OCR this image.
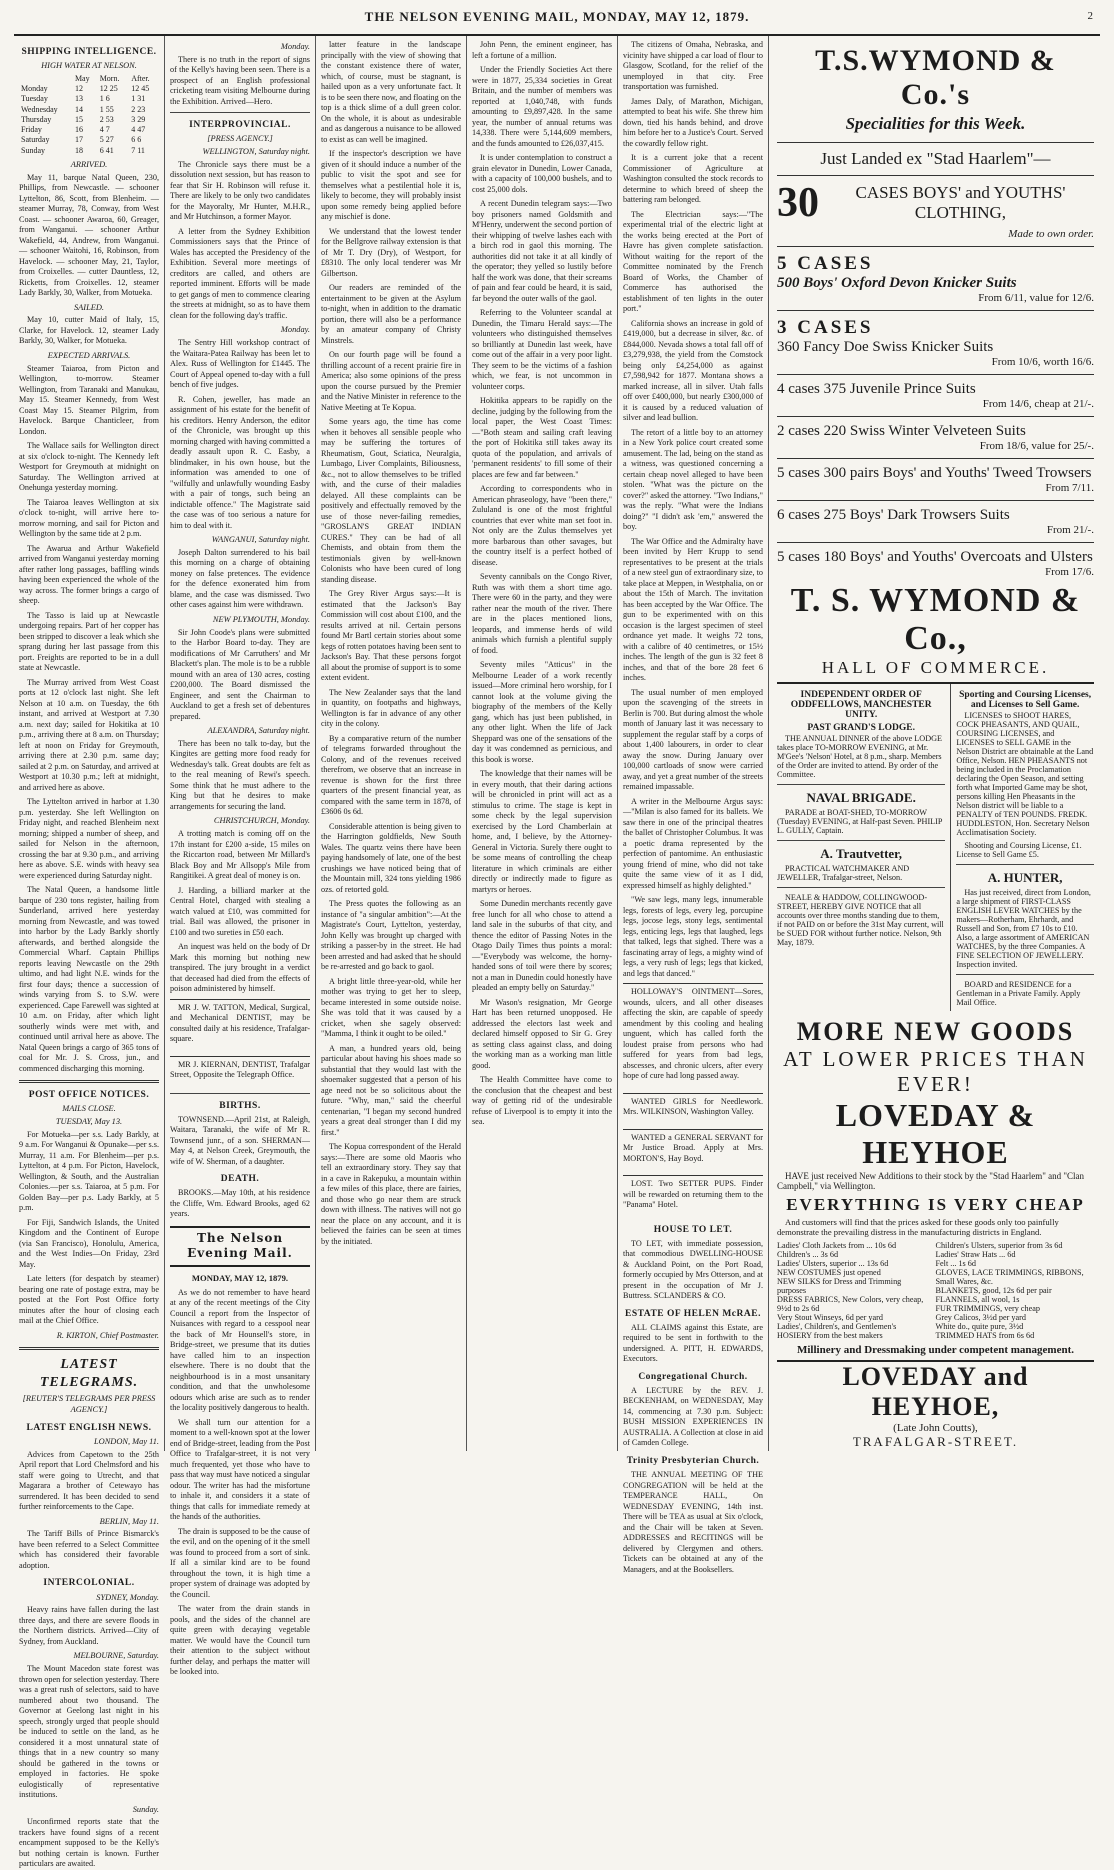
THE NELSON EVENING MAIL, MONDAY, MAY 12, 1879.	2
SHIPPING INTELLIGENCE.
HIGH WATER AT NELSON.
	May	Morn.	After.
Monday	12	12 25	12 45
Tuesday	13	1 6	1 31
Wednesday	14	1 55	2 23
Thursday	15	2 53	3 29
Friday	16	4 7	4 47
Saturday	17	5 27	6 6
Sunday	18	6 41	7 11
ARRIVED.

May 11, barque Natal Queen, 230, Phillips, from Newcastle. — schooner Lyttelton, 86, Scott, from Blenheim. — steamer Murray, 78, Conway, from West Coast. — schooner Awaroa, 60, Greager, from Wanganui. — schooner Arthur Wakefield, 44, Andrew, from Wanganui. — schooner Waitohi, 16, Robinson, from Havelock. — schooner May, 21, Taylor, from Croixelles. — cutter Dauntless, 12, Ricketts, from Croixelles. 12, steamer Lady Barkly, 30, Walker, from Motueka.

SAILED.

May 10, cutter Maid of Italy, 15, Clarke, for Havelock. 12, steamer Lady Barkly, 30, Walker, for Motueka.

EXPECTED ARRIVALS.

Steamer Taiaroa, from Picton and Wellington, to-morrow. Steamer Wellington, from Taranaki and Manukau, May 15. Steamer Kennedy, from West Coast May 15. Steamer Pilgrim, from Havelock. Barque Chanticleer, from London.

The Wallace sails for Wellington direct at six o'clock to-night. The Kennedy left Westport for Greymouth at midnight on Saturday. The Wellington arrived at Onehunga yesterday morning.

The Taiaroa leaves Wellington at six o'clock to-night, will arrive here to-morrow morning, and sail for Picton and Wellington by the same tide at 2 p.m.

The Awarua and Arthur Wakefield arrived from Wanganui yesterday morning after rather long passages, baffling winds having been experienced the whole of the way across. The former brings a cargo of sheep.

The Tasso is laid up at Newcastle undergoing repairs. Part of her copper has been stripped to discover a leak which she sprang during her last passage from this port. Freights are reported to be in a dull state at Newcastle.

The Murray arrived from West Coast ports at 12 o'clock last night. She left Nelson at 10 a.m. on Tuesday, the 6th instant, and arrived at Westport at 7.30 a.m. next day; sailed for Hokitika at 10 p.m., arriving there at 8 a.m. on Thursday; left at noon on Friday for Greymouth, arriving there at 2.30 p.m. same day; sailed at 2 p.m. on Saturday, and arrived at Westport at 10.30 p.m.; left at midnight, and arrived here as above.

The Lyttelton arrived in harbor at 1.30 p.m. yesterday. She left Wellington on Friday night, and reached Blenheim next morning; shipped a number of sheep, and sailed for Nelson in the afternoon, crossing the bar at 9.30 p.m., and arriving here as above. S.E. winds with heavy sea were experienced during Saturday night.

The Natal Queen, a handsome little barque of 230 tons register, hailing from Sunderland, arrived here yesterday morning from Newcastle, and was towed into harbor by the Lady Barkly shortly afterwards, and berthed alongside the Commercial Wharf. Captain Phillips reports leaving Newcastle on the 29th ultimo, and had light N.E. winds for the first four days; thence a succession of winds varying from S. to S.W. were experienced. Cape Farewell was sighted at 10 a.m. on Friday, after which light southerly winds were met with, and continued until arrival here as above. The Natal Queen brings a cargo of 365 tons of coal for Mr. J. S. Cross, jun., and commenced discharging this morning.

POST OFFICE NOTICES.
MAILS CLOSE.
TUESDAY, May 13.

For Motueka—per s.s. Lady Barkly, at 9 a.m. For Wanganui & Opunake—per s.s. Murray, 11 a.m. For Blenheim—per p.s. Lyttelton, at 4 p.m. For Picton, Havelock, Wellington, & South, and the Australian Colonies.—per s.s. Taiaroa, at 5 p.m. For Golden Bay—per p.s. Lady Barkly, at 5 p.m.

For Fiji, Sandwich Islands, the United Kingdom and the Continent of Europe (via San Francisco), Honolulu, America, and the West Indies—On Friday, 23rd May.

Late letters (for despatch by steamer) bearing one rate of postage extra, may be posted at the Fort Post Office forty minutes after the hour of closing each mail at the Chief Office.

R. KIRTON, Chief Postmaster.
LATEST TELEGRAMS.
[REUTER'S TELEGRAMS PER PRESS AGENCY.]
LATEST ENGLISH NEWS.
LONDON, May 11.

Advices from Capetown to the 25th April report that Lord Chelmsford and his staff were going to Utrecht, and that Magarara a brother of Cetewayo has surrendered. It has been decided to send further reinforcements to the Cape.

BERLIN, May 11.

The Tariff Bills of Prince Bismarck's have been referred to a Select Committee which has considered their favorable adoption.

INTERCOLONIAL.
SYDNEY, Monday.

Heavy rains have fallen during the last three days, and there are severe floods in the Northern districts. Arrived—City of Sydney, from Auckland.

MELBOURNE, Saturday.

The Mount Macedon state forest was thrown open for selection yesterday. There was a great rush of selectors, said to have numbered about two thousand. The Governor at Geelong last night in his speech, strongly urged that people should be induced to settle on the land, as he considered it a most unnatural state of things that in a new country so many should be gathered in the towns or employed in factories. He spoke eulogistically of representative institutions.

Sunday.

Unconfirmed reports state that the trackers have found signs of a recent encampment supposed to be the Kelly's but nothing certain is known. Further particulars are awaited.

Monday.

There is no truth in the report of signs of the Kelly's having been seen. There is a prospect of an English professional cricketing team visiting Melbourne during the Exhibition. Arrived—Hero.

INTERPROVINCIAL.
[PRESS AGENCY.]
WELLINGTON, Saturday night.

The Chronicle says there must be a dissolution next session, but has reason to fear that Sir H. Robinson will refuse it. There are likely to be only two candidates for the Mayoralty, Mr Hunter, M.H.R., and Mr Hutchinson, a former Mayor.

A letter from the Sydney Exhibition Commissioners says that the Prince of Wales has accepted the Presidency of the Exhibition. Several more meetings of creditors are called, and others are reported imminent. Efforts will be made to get gangs of men to commence clearing the streets at midnight, so as to have them clean for the following day's traffic.

Monday.

The Sentry Hill workshop contract of the Waitara-Patea Railway has been let to Alex. Russ of Wellington for £1445. The Court of Appeal opened to-day with a full bench of five judges.

R. Cohen, jeweller, has made an assignment of his estate for the benefit of his creditors. Henry Anderson, the editor of the Chronicle, was brought up this morning charged with having committed a deadly assault upon R. C. Easby, a blindmaker, in his own house, but the information was amended to one of "wilfully and unlawfully wounding Easby with a pair of tongs, such being an indictable offence." The Magistrate said the case was of too serious a nature for him to deal with it.

WANGANUI, Saturday night.

Joseph Dalton surrendered to his bail this morning on a charge of obtaining money on false pretences. The evidence for the defence exonerated him from blame, and the case was dismissed. Two other cases against him were withdrawn.

NEW PLYMOUTH, Monday.

Sir John Coode's plans were submitted to the Harbor Board to-day. They are modifications of Mr Carruthers' and Mr Blackett's plan. The mole is to be a rubble mound with an area of 130 acres, costing £200,000. The Board dismissed the Engineer, and sent the Chairman to Auckland to get a fresh set of debentures prepared.

ALEXANDRA, Saturday night.

There has been no talk to-day, but the Kingites are getting more food ready for Wednesday's talk. Great doubts are felt as to the real meaning of Rewi's speech. Some think that he must adhere to the King but that he desires to make arrangements for securing the land.

CHRISTCHURCH, Monday.

A trotting match is coming off on the 17th instant for £200 a-side, 15 miles on the Riccarton road, between Mr Millard's Black Boy and Mr Allsopp's Mile from Rangitikei. A great deal of money is on.

J. Harding, a billiard marker at the Central Hotel, charged with stealing a watch valued at £10, was committed for trial. Bail was allowed, the prisoner in £100 and two sureties in £50 each.

An inquest was held on the body of Dr Mark this morning but nothing new transpired. The jury brought in a verdict that deceased had died from the effects of poison administered by himself.

MR J. W. TATTON, Medical, Surgical, and Mechanical DENTIST, may be consulted daily at his residence, Trafalgar-square.

MR J. KIERNAN, DENTIST, Trafalgar Street, Opposite the Telegraph Office.

BIRTHS.

TOWNSEND.—April 21st, at Raleigh, Waitara, Taranaki, the wife of Mr R. Townsend junr., of a son. SHERMAN—May 4, at Nelson Creek, Greymouth, the wife of W. Sherman, of a daughter.

DEATH.

BROOKS.—May 10th, at his residence the Cliffe, Wm. Edward Brooks, aged 62 years.

The Nelson Evening Mail.
MONDAY, MAY 12, 1879.

As we do not remember to have heard at any of the recent meetings of the City Council a report from the Inspector of Nuisances with regard to a cesspool near the back of Mr Hounsell's store, in Bridge-street, we presume that its duties have called him to an inspection elsewhere. There is no doubt that the neighbourhood is in a most unsanitary condition, and that the unwholesome odours which arise are such as to render the locality positively dangerous to health.

We shall turn our attention for a moment to a well-known spot at the lower end of Bridge-street, leading from the Post Office to Trafalgar-street, it is not very much frequented, yet those who have to pass that way must have noticed a singular odour. The writer has had the misfortune to inhale it, and considers it a state of things that calls for immediate remedy at the hands of the authorities.

The drain is supposed to be the cause of the evil, and on the opening of it the smell was found to proceed from a sort of sink. If all a similar kind are to be found throughout the town, it is high time a proper system of drainage was adopted by the Council.

The water from the drain stands in pools, and the sides of the channel are quite green with decaying vegetable matter. We would have the Council turn their attention to the subject without further delay, and perhaps the matter will be looked into.

latter feature in the landscape principally with the view of showing that the constant existence there of water, which, of course, must be stagnant, is hailed upon as a very unfortunate fact. It is to be seen there now, and floating on the top is a thick slime of a dull green color. On the whole, it is about as undesirable and as dangerous a nuisance to be allowed to exist as can well be imagined.

If the inspector's description we have given of it should induce a number of the public to visit the spot and see for themselves what a pestilential hole it is, likely to become, they will probably insist upon some remedy being applied before any mischief is done.

We understand that the lowest tender for the Bellgrove railway extension is that of Mr T. Dry (Dry), of Westport, for £8310. The only local tenderer was Mr Gilbertson.

Our readers are reminded of the entertainment to be given at the Asylum to-night, when in addition to the dramatic portion, there will also be a performance by an amateur company of Christy Minstrels.

On our fourth page will be found a thrilling account of a recent prairie fire in America; also some opinions of the press upon the course pursued by the Premier and the Native Minister in reference to the Native Meeting at Te Kopua.

Some years ago, the time has come when it behoves all sensible people who may be suffering the tortures of Rheumatism, Gout, Sciatica, Neuralgia, Lumbago, Liver Complaints, Biliousness, &c., not to allow themselves to be trifled with, and the curse of their maladies delayed. All these complaints can be positively and effectually removed by the use of those never-failing remedies, "GROSLAN'S GREAT INDIAN CURES." They can be had of all Chemists, and obtain from them the testimonials given by well-known Colonists who have been cured of long standing disease.

The Grey River Argus says:—It is estimated that the Jackson's Bay Commission will cost about £100, and the results arrived at nil. Certain persons found Mr Bartl certain stories about some kegs of rotten potatoes having been sent to Jackson's Bay. That these persons forgot all about the promise of support is to some extent evident.

The New Zealander says that the land in quantity, on footpaths and highways, Wellington is far in advance of any other city in the colony.

By a comparative return of the number of telegrams forwarded throughout the Colony, and of the revenues received therefrom, we observe that an increase in revenue is shown for the first three quarters of the present financial year, as compared with the same term in 1878, of £3606 0s 6d.

Considerable attention is being given to the Harrington goldfields, New South Wales. The quartz veins there have been paying handsomely of late, one of the best crushings we have noticed being that of the Mountain mill, 324 tons yielding 1986 ozs. of retorted gold.

The Press quotes the following as an instance of "a singular ambition":—At the Magistrate's Court, Lyttelton, yesterday, John Kelly was brought up charged with striking a passer-by in the street. He had been arrested and had asked that he should be re-arrested and go back to gaol.

A bright little three-year-old, while her mother was trying to get her to sleep, became interested in some outside noise. She was told that it was caused by a cricket, when she sagely observed: "Mamma, I think it ought to be oiled."

A man, a hundred years old, being particular about having his shoes made so substantial that they would last with the shoemaker suggested that a person of his age need not be so solicitous about the future. "Why, man," said the cheerful centenarian, "I began my second hundred years a great deal stronger than I did my first."

The Kopua correspondent of the Herald says:—There are some old Maoris who tell an extraordinary story. They say that in a cave in Rakepuku, a mountain within a few miles of this place, there are fairies, and those who go near them are struck down with illness. The natives will not go near the place on any account, and it is believed the fairies can be seen at times by the initiated.

John Penn, the eminent engineer, has left a fortune of a million.

Under the Friendly Societies Act there were in 1877, 25,334 societies in Great Britain, and the number of members was reported at 1,040,748, with funds amounting to £9,897,428. In the same year, the number of annual returns was 14,338. There were 5,144,609 members, and the funds amounted to £26,037,415.

It is under contemplation to construct a grain elevator in Dunedin, Lower Canada, with a capacity of 100,000 bushels, and to cost 25,000 dols.

A recent Dunedin telegram says:—Two boy prisoners named Goldsmith and M'Henry, underwent the second portion of their whipping of twelve lashes each with a birch rod in gaol this morning. The authorities did not take it at all kindly of the operator; they yelled so lustily before half the work was done, that their screams of pain and fear could be heard, it is said, far beyond the outer walls of the gaol.

Referring to the Volunteer scandal at Dunedin, the Timaru Herald says:—The volunteers who distinguished themselves so brilliantly at Dunedin last week, have come out of the affair in a very poor light. They seem to be the victims of a fashion which, we fear, is not uncommon in volunteer corps.

Hokitika appears to be rapidly on the decline, judging by the following from the local paper, the West Coast Times:—"Both steam and sailing craft leaving the port of Hokitika still takes away its quota of the population, and arrivals of 'permanent residents' to fill some of their places are few and far between."

According to correspondents who in American phraseology, have "been there," Zululand is one of the most frightful countries that ever white man set foot in. Not only are the Zulus themselves yet more barbarous than other savages, but the country itself is a perfect hotbed of disease.

Seventy cannibals on the Congo River, Ruth was with them a short time ago. There were 60 in the party, and they were rather near the mouth of the river. There are in the places mentioned lions, leopards, and immense herds of wild animals which furnish a plentiful supply of food.

Seventy miles "Atticus" in the Melbourne Leader of a work recently issued—More criminal hero worship, for I cannot look at the volume giving the biography of the members of the Kelly gang, which has just been published, in any other light. When the life of Jack Sheppard was one of the sensations of the day it was condemned as pernicious, and this book is worse.

The knowledge that their names will be in every mouth, that their daring actions will be chronicled in print will act as a stimulus to crime. The stage is kept in some check by the legal supervision exercised by the Lord Chamberlain at home, and, I believe, by the Attorney-General in Victoria. Surely there ought to be some means of controlling the cheap literature in which criminals are either directly or indirectly made to figure as martyrs or heroes.

Some Dunedin merchants recently gave free lunch for all who chose to attend a land sale in the suburbs of that city, and thence the editor of Passing Notes in the Otago Daily Times thus points a moral:—"Everybody was welcome, the horny-handed sons of toil were there by scores; not a man in Dunedin could honestly have pleaded an empty belly on Saturday."

Mr Wason's resignation, Mr George Hart has been returned unopposed. He addressed the electors last week and declared himself opposed to Sir G. Grey as setting class against class, and doing the working man as a working man little good.

The Health Committee have come to the conclusion that the cheapest and best way of getting rid of the undesirable refuse of Liverpool is to empty it into the sea.

The citizens of Omaha, Nebraska, and vicinity have shipped a car load of flour to Glasgow, Scotland, for the relief of the unemployed in that city. Free transportation was furnished.

James Daly, of Marathon, Michigan, attempted to beat his wife. She threw him down, tied his hands behind, and drove him before her to a Justice's Court. Served the cowardly fellow right.

It is a current joke that a recent Commissioner of Agriculture at Washington consulted the stock records to determine to which breed of sheep the battering ram belonged.

The Electrician says:—"The experimental trial of the electric light at the works being erected at the Port of Havre has given complete satisfaction. Without waiting for the report of the Committee nominated by the French Board of Works, the Chamber of Commerce has authorised the establishment of ten lights in the outer port."

California shows an increase in gold of £419,000, but a decrease in silver, &c. of £844,000. Nevada shows a total fall off of £3,279,938, the yield from the Comstock being only £4,254,000 as against £7,598,942 for 1877. Montana shows a marked increase, all in silver. Utah falls off over £400,000, but nearly £300,000 of it is caused by a reduced valuation of silver and lead bullion.

The retort of a little boy to an attorney in a New York police court created some amusement. The lad, being on the stand as a witness, was questioned concerning a certain cheap novel alleged to have been stolen. "What was the picture on the cover?" asked the attorney. "Two Indians," was the reply. "What were the Indians doing?" "I didn't ask 'em," answered the boy.

The War Office and the Admiralty have been invited by Herr Krupp to send representatives to be present at the trials of a new steel gun of extraordinary size, to take place at Meppen, in Westphalia, on or about the 15th of March. The invitation has been accepted by the War Office. The gun to be experimented with on this occasion is the largest specimen of steel ordnance yet made. It weighs 72 tons, with a calibre of 40 centimetres, or 15½ inches. The length of the gun is 32 feet 8 inches, and that of the bore 28 feet 6 inches.

The usual number of men employed upon the scavenging of the streets in Berlin is 700. But during almost the whole month of January last it was necessary to supplement the regular staff by a corps of about 1,400 labourers, in order to clear away the snow. During January over 100,000 cartloads of snow were carried away, and yet a great number of the streets remained impassable.

A writer in the Melbourne Argus says:—"Milan is also famed for its ballets. We saw there in one of the principal theatres the ballet of Christopher Columbus. It was a poetic drama represented by the perfection of pantomime. An enthusiastic young friend of mine, who did not take quite the same view of it as I did, expressed himself as highly delighted."

"We saw legs, many legs, innumerable legs, forests of legs, every leg, porcupine legs, jocose legs, stony legs, sentimental legs, enticing legs, legs that laughed, legs that talked, legs that sighed. There was a fascinating array of legs, a mighty wind of legs, a very rush of legs; legs that kicked, and legs that danced."

HOLLOWAY'S OINTMENT—Sores, wounds, ulcers, and all other diseases affecting the skin, are capable of speedy amendment by this cooling and healing unguent, which has called forth the loudest praise from persons who had suffered for years from bad legs, abscesses, and chronic ulcers, after every hope of cure had long passed away.

WANTED GIRLS for Needlework. Mrs. WILKINSON, Washington Valley.

WANTED a GENERAL SERVANT for Mr Justice Broad. Apply at Mrs. MORTON'S, Hay Boyd.

LOST. Two SETTER PUPS. Finder will be rewarded on returning them to the "Panama" Hotel.

HOUSE TO LET.

TO LET, with immediate possession, that commodious DWELLING-HOUSE & Auckland Point, on the Port Road, formerly occupied by Mrs Otterson, and at present in the occupation of Mr J. Buttress. SCLANDERS & CO.

ESTATE OF HELEN McRAE.

ALL CLAIMS against this Estate, are required to be sent in forthwith to the undersigned. A. PITT, H. EDWARDS, Executors.

Congregational Church.

A LECTURE by the REV. J. BECKENHAM, on WEDNESDAY, May 14, commencing at 7.30 p.m. Subject: BUSH MISSION EXPERIENCES IN AUSTRALIA. A Collection at close in aid of Camden College.

Trinity Presbyterian Church.

THE ANNUAL MEETING OF THE CONGREGATION will be held at the TEMPERANCE HALL, On WEDNESDAY EVENING, 14th inst. There will be TEA as usual at Six o'clock, and the Chair will be taken at Seven. ADDRESSES and RECITINGS will be delivered by Clergymen and others. Tickets can be obtained at any of the Managers, and at the Booksellers.

T.S.WYMOND & Co.'s
Specialities for this Week.
Just Landed ex "Stad Haarlem"—
30	CASES BOYS' and YOUTHS' CLOTHING,
Made to own order.
5 CASES
500 Boys' Oxford Devon Knicker Suits
From 6/11, value for 12/6.
3 CASES
360 Fancy Doe Swiss Knicker Suits
From 10/6, worth 16/6.
4 cases 375 Juvenile Prince Suits
From 14/6, cheap at 21/-.
2 cases 220 Swiss Winter Velveteen Suits
From 18/6, value for 25/-.
5 cases 300 pairs Boys' and Youths' Tweed Trowsers
From 7/11.
6 cases 275 Boys' Dark Trowsers Suits
From 21/-.
5 cases 180 Boys' and Youths' Overcoats and Ulsters
From 17/6.
T. S. WYMOND & Co.,
HALL OF COMMERCE.
INDEPENDENT ORDER OF ODDFELLOWS, MANCHESTER UNITY.
PAST GRAND'S LODGE.

THE ANNUAL DINNER of the above LODGE takes place TO-MORROW EVENING, at Mr. M'Gee's 'Nelson' Hotel, at 8 p.m., sharp. Members of the Order are invited to attend. By order of the Committee.

NAVAL BRIGADE.

PARADE at BOAT-SHED, TO-MORROW (Tuesday) EVENING, at Half-past Seven. PHILIP L. GULLY, Captain.

A. Trautvetter,

PRACTICAL WATCHMAKER AND JEWELLER, Trafalgar-street, Nelson.

NEALE & HADDOW, COLLINGWOOD-STREET, HEREBY GIVE NOTICE that all accounts over three months standing due to them, if not PAID on or before the 31st May current, will be SUED FOR without further notice. Nelson, 9th May, 1879.

Sporting and Coursing Licenses, and Licenses to Sell Game.

LICENSES to SHOOT HARES, COCK PHEASANTS, AND QUAIL, COURSING LICENSES, and LICENSES to SELL GAME in the Nelson District are obtainable at the Land Office, Nelson. HEN PHEASANTS not being included in the Proclamation declaring the Open Season, and setting forth what Imported Game may be shot, persons killing Hen Pheasants in the Nelson district will be liable to a PENALTY of TEN POUNDS. FREDK. HUDDLESTON, Hon. Secretary Nelson Acclimatisation Society.

Shooting and Coursing License, £1. License to Sell Game £5.

A. HUNTER,

Has just received, direct from London, a large shipment of FIRST-CLASS ENGLISH LEVER WATCHES by the makers—Rotherham, Ehrhardt, and Russell and Son, from £7 10s to £10. Also, a large assortment of AMERICAN WATCHES, by the three Companies. A FINE SELECTION OF JEWELLERY. Inspection invited.

BOARD and RESIDENCE for a Gentleman in a Private Family. Apply Mail Office.

MORE NEW GOODS
AT LOWER PRICES THAN EVER!
LOVEDAY & HEYHOE

HAVE just received New Additions to their stock by the "Stad Haarlem" and "Clan Campbell," via Wellington.

EVERYTHING IS VERY CHEAP

And customers will find that the prices asked for these goods only too painfully demonstrate the prevailing distress in the manufacturing districts in England.

Ladies' Cloth Jackets from ... 10s 6d
Children's ... 3s 6d
Ladies' Ulsters, superior ... 13s 6d
NEW COSTUMES just opened
NEW SILKS for Dress and Trimming purposes
DRESS FABRICS, New Colors, very cheap, 9½d to 2s 6d
Very Stout Winseys, 6d per yard
Ladies', Children's, and Gentlemen's HOSIERY from the best makers
Children's Ulsters, superior from 3s 6d
Ladies' Straw Hats ... 6d
Felt ... 1s 6d
GLOVES, LACE TRIMMINGS, RIBBONS, Small Wares, &c.
BLANKETS, good, 12s 6d per pair
FLANNELS, all wool, 1s
FUR TRIMMINGS, very cheap
Grey Calicos, 3½d per yard
White do., quite pure, 3½d
TRIMMED HATS from 6s 6d
Millinery and Dressmaking under competent management.
LOVEDAY and HEYHOE,
(Late John Coutts),
TRAFALGAR-STREET.
